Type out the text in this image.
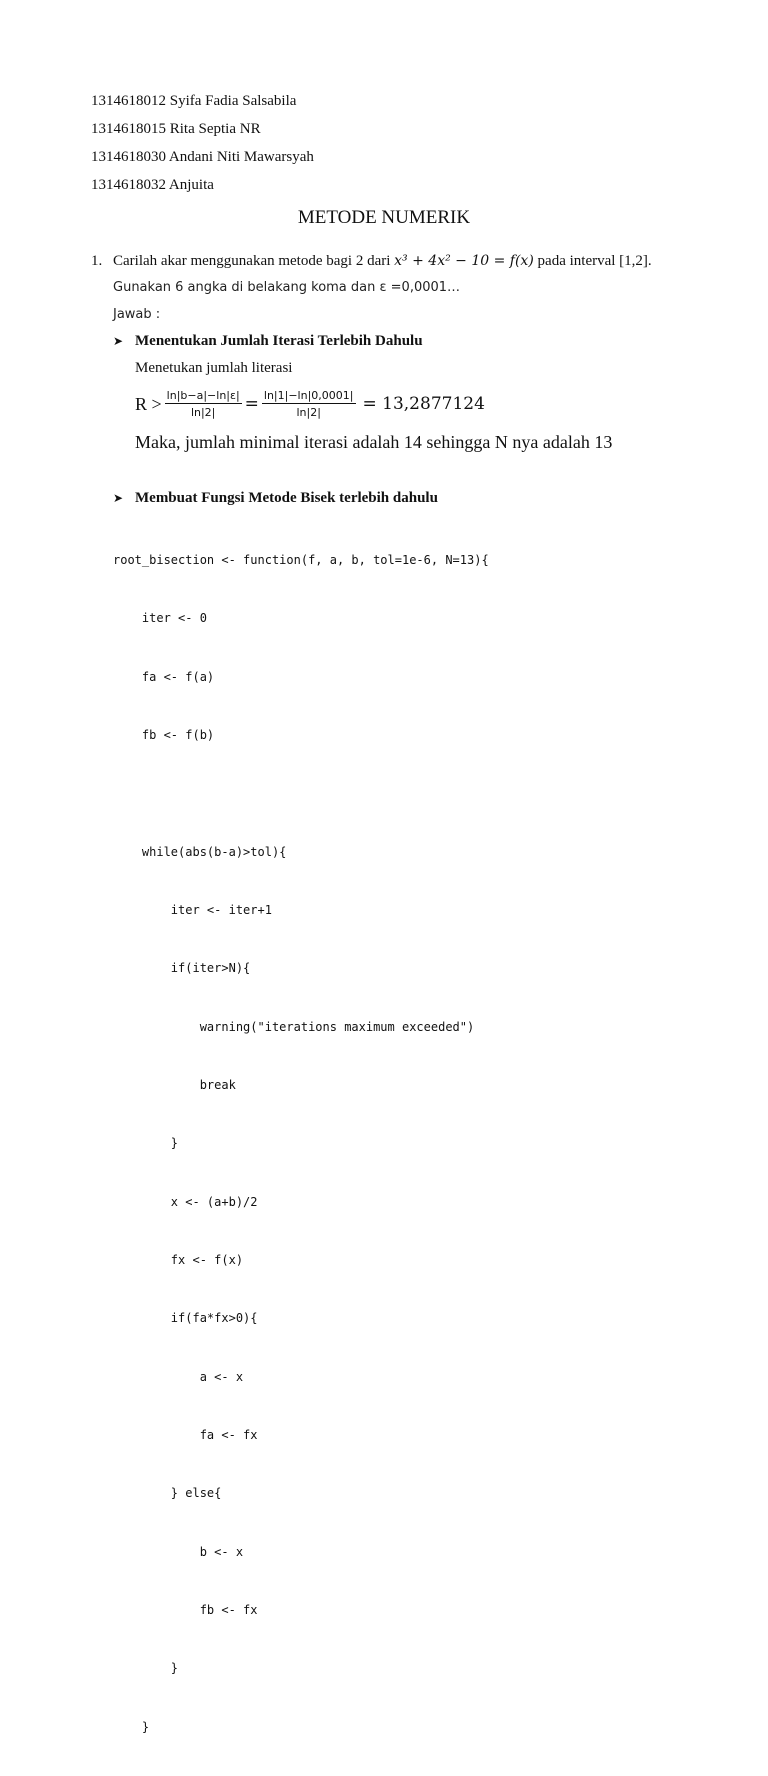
1314618012 Syifa Fadia Salsabila
1314618015 Rita Septia NR
1314618030 Andani Niti Mawarsyah
1314618032 Anjuita
METODE NUMERIK
1. Carilah akar menggunakan metode bagi 2 dari x³ + 4x² − 10 = f(x) pada interval [1,2].
Gunakan 6 angka di belakang koma dan ε =0,0001…
Jawab :
➤ Menentukan Jumlah Iterasi Terlebih Dahulu
Menetukan jumlah literasi
$R > \frac{\ln|b-a|-\ln|\varepsilon|}{\ln|2|} = \frac{\ln|1|-\ln|0,0001|}{\ln|2|} = 13,2877124$
Maka, jumlah minimal iterasi adalah 14 sehingga N nya adalah 13
➤ Membuat Fungsi Metode Bisek terlebih dahulu

root_bisection <- function(f, a, b, tol=1e-6, N=13){

iter <- 0

fa <- f(a)

fb <- f(b)

while(abs(b-a)>tol){

iter <- iter+1

if(iter>N){

warning("iterations maximum exceeded")

break

}

x <- (a+b)/2

fx <- f(x)

if(fa*fx>0){

a <- x

fa <- fx

} else{

b <- x

fb <- fx

}

}
